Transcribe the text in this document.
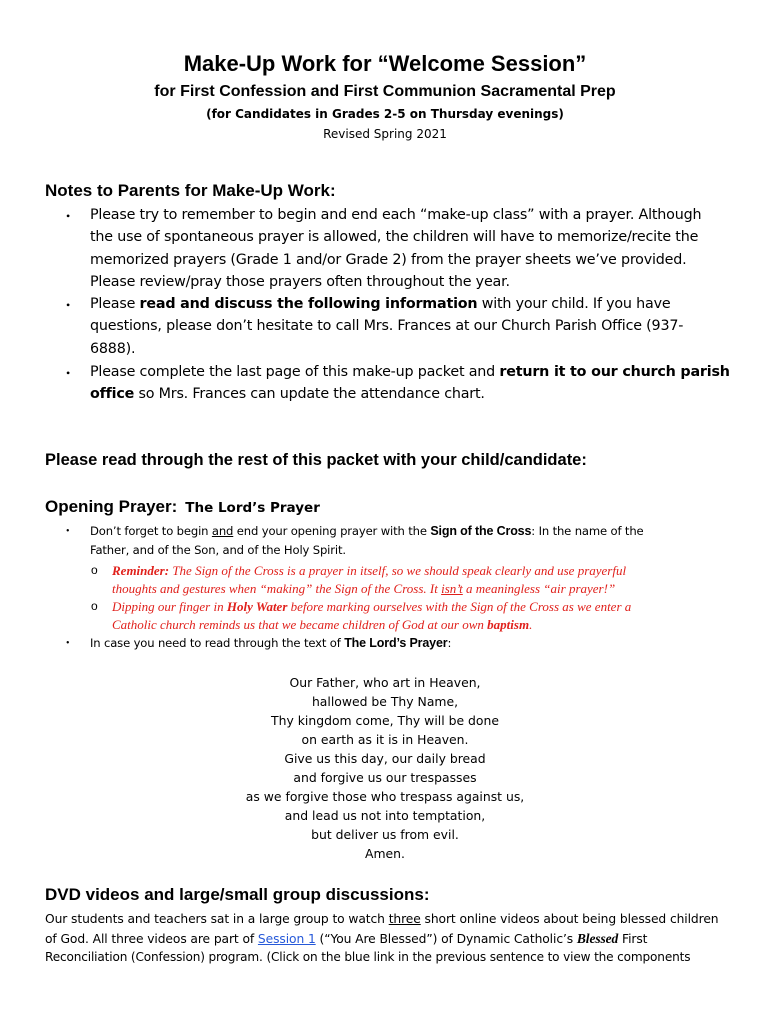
Make-Up Work for “Welcome Session”
for First Confession and First Communion Sacramental Prep
(for Candidates in Grades 2-5 on Thursday evenings)
Revised Spring 2021
Notes to Parents for Make-Up Work:
• Please try to remember to begin and end each “make-up class” with a prayer. Although
the use of spontaneous prayer is allowed, the children will have to memorize/recite the
memorized prayers (Grade 1 and/or Grade 2) from the prayer sheets we’ve provided.
Please review/pray those prayers often throughout the year.
• Please read and discuss the following information with your child. If you have
questions, please don’t hesitate to call Mrs. Frances at our Church Parish Office (937-
6888).
• Please complete the last page of this make-up packet and return it to our church parish
office so Mrs. Frances can update the attendance chart.
Please read through the rest of this packet with your child/candidate:
Opening Prayer: The Lord’s Prayer
• Don’t forget to begin and end your opening prayer with the Sign of the Cross: In the name of the
Father, and of the Son, and of the Holy Spirit.
o Reminder: The Sign of the Cross is a prayer in itself, so we should speak clearly and use prayerful
thoughts and gestures when “making” the Sign of the Cross. It isn’t a meaningless “air prayer!”
o Dipping our finger in Holy Water before marking ourselves with the Sign of the Cross as we enter a
Catholic church reminds us that we became children of God at our own baptism.
• In case you need to read through the text of The Lord’s Prayer:
Our Father, who art in Heaven,
hallowed be Thy Name,
Thy kingdom come, Thy will be done
on earth as it is in Heaven.
Give us this day, our daily bread
and forgive us our trespasses
as we forgive those who trespass against us,
and lead us not into temptation,
but deliver us from evil.
Amen.
DVD videos and large/small group discussions:
Our students and teachers sat in a large group to watch three short online videos about being blessed children
of God. All three videos are part of Session 1 (“You Are Blessed”) of Dynamic Catholic’s Blessed First
Reconciliation (Confession) program. (Click on the blue link in the previous sentence to view the components
